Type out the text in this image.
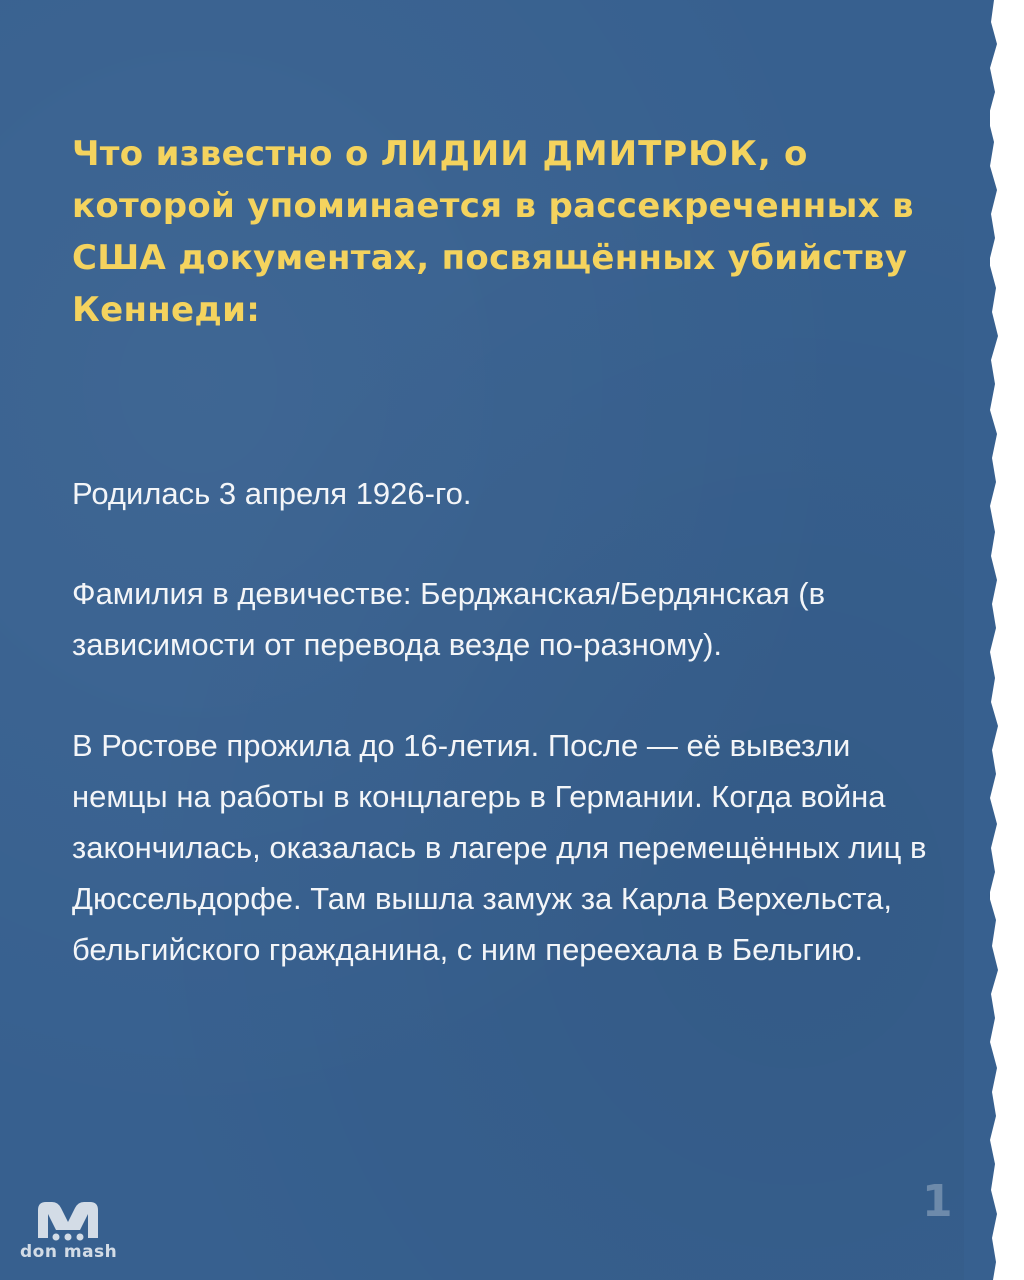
Что известно о ЛИДИИ ДМИТРЮК, о которой упоминается в рассекреченных в США документах, посвящённых убийству Кеннеди:

Родилась 3 апреля 1926-го.

Фамилия в девичестве: Берджанская/Бердянская (в зависимости от перевода везде по-разному).

В Ростове прожила до 16-летия. После — её вывезли немцы на работы в концлагерь в Германии. Когда война закончилась, оказалась в лагере для перемещённых лиц в Дюссельдорфе. Там вышла замуж за Карла Верхельста, бельгийского гражданина, с ним переехала в Бельгию.

1
don mash
